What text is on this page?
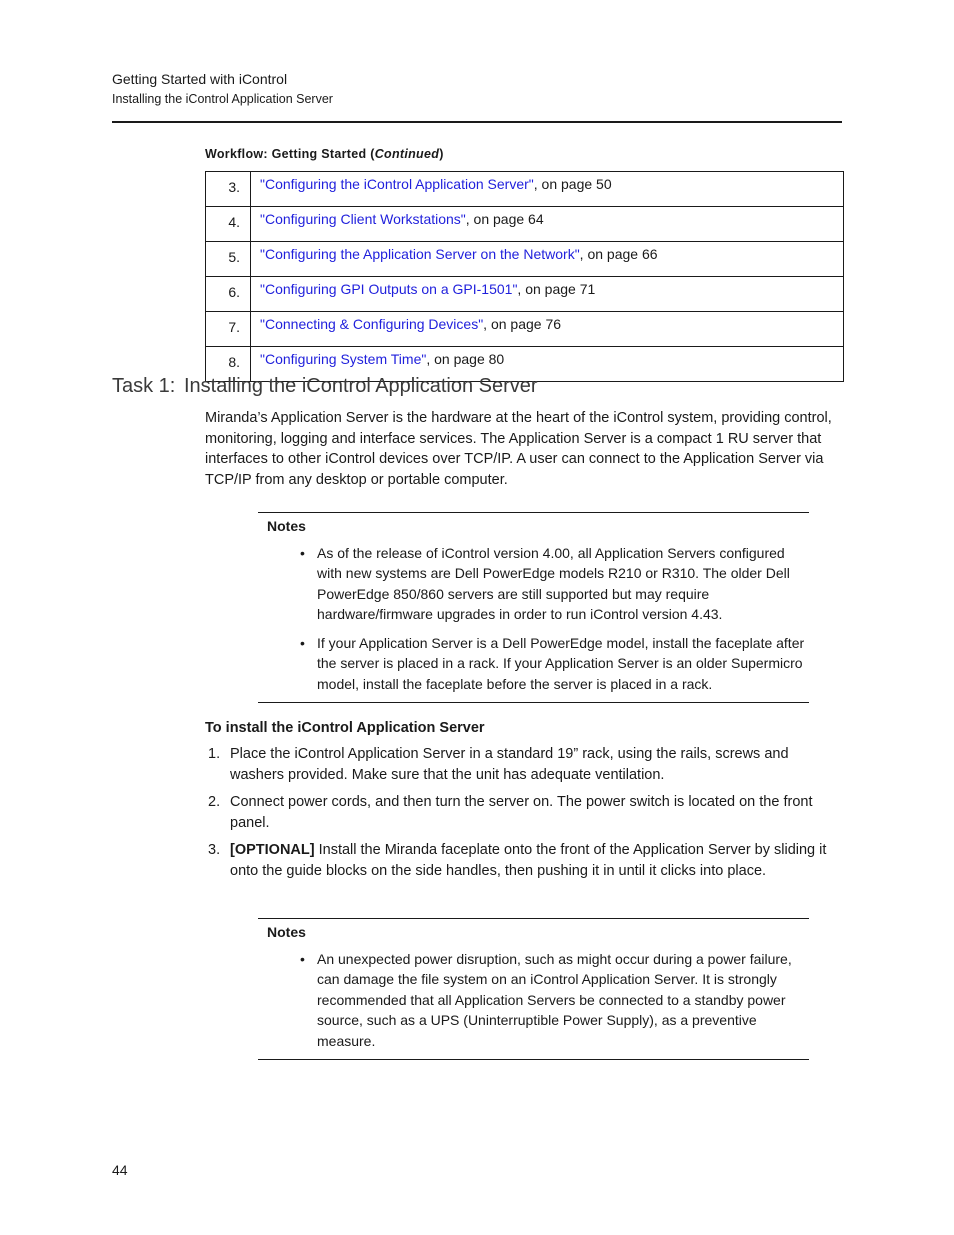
Getting Started with iControl
Installing the iControl Application Server
Workflow: Getting Started (Continued)
3.	"Configuring the iControl Application Server", on page 50
4.	"Configuring Client Workstations", on page 64
5.	"Configuring the Application Server on the Network", on page 66
6.	"Configuring GPI Outputs on a GPI-1501", on page 71
7.	"Connecting & Configuring Devices", on page 76
8.	"Configuring System Time", on page 80
Task 1: Installing the iControl Application Server
Miranda’s Application Server is the hardware at the heart of the iControl system, providing control, monitoring, logging and interface services. The Application Server is a compact 1 RU server that interfaces to other iControl devices over TCP/IP. A user can connect to the Application Server via TCP/IP from any desktop or portable computer.
Notes
• As of the release of iControl version 4.00, all Application Servers configured with new systems are Dell PowerEdge models R210 or R310. The older Dell PowerEdge 850/860 servers are still supported but may require hardware/firmware upgrades in order to run iControl version 4.43.
• If your Application Server is a Dell PowerEdge model, install the faceplate after the server is placed in a rack. If your Application Server is an older Supermicro model, install the faceplate before the server is placed in a rack.
To install the iControl Application Server
1. Place the iControl Application Server in a standard 19” rack, using the rails, screws and washers provided. Make sure that the unit has adequate ventilation.
2. Connect power cords, and then turn the server on. The power switch is located on the front panel.
3. [OPTIONAL] Install the Miranda faceplate onto the front of the Application Server by sliding it onto the guide blocks on the side handles, then pushing it in until it clicks into place.
Notes
• An unexpected power disruption, such as might occur during a power failure, can damage the file system on an iControl Application Server. It is strongly recommended that all Application Servers be connected to a standby power source, such as a UPS (Uninterruptible Power Supply), as a preventive measure.
44
